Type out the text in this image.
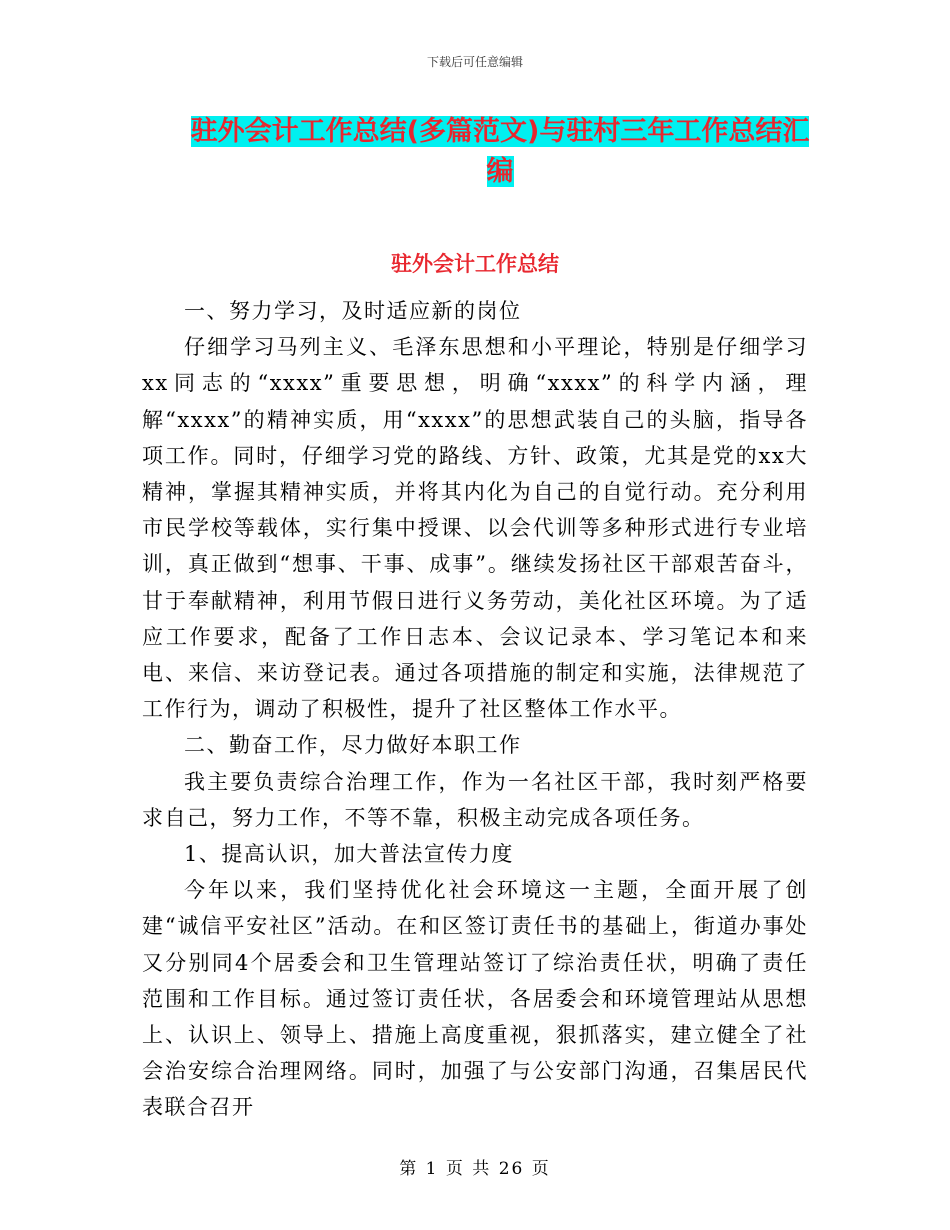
下载后可任意编辑
驻外会计工作总结(多篇范文)与驻村三年工作总结汇编
驻外会计工作总结

一、努力学习，及时适应新的岗位

仔细学习马列主义、毛泽东思想和小平理论，特别是仔细学习xx同志的“xxxx”重要思想，明确“xxxx”的科学内涵，理解“xxxx”的精神实质，用“xxxx”的思想武装自己的头脑，指导各项工作。同时，仔细学习党的路线、方针、政策，尤其是党的xx大精神，掌握其精神实质，并将其内化为自己的自觉行动。充分利用市民学校等载体，实行集中授课、以会代训等多种形式进行专业培训，真正做到“想事、干事、成事”。继续发扬社区干部艰苦奋斗，甘于奉献精神，利用节假日进行义务劳动，美化社区环境。为了适应工作要求，配备了工作日志本、会议记录本、学习笔记本和来电、来信、来访登记表。通过各项措施的制定和实施，法律规范了工作行为，调动了积极性，提升了社区整体工作水平。

二、勤奋工作，尽力做好本职工作

我主要负责综合治理工作，作为一名社区干部，我时刻严格要求自己，努力工作，不等不靠，积极主动完成各项任务。

1、提高认识，加大普法宣传力度

今年以来，我们坚持优化社会环境这一主题，全面开展了创建“诚信平安社区”活动。在和区签订责任书的基础上，街道办事处又分别同4个居委会和卫生管理站签订了综治责任状，明确了责任范围和工作目标。通过签订责任状，各居委会和环境管理站从思想上、认识上、领导上、措施上高度重视，狠抓落实，建立健全了社会治安综合治理网络。同时，加强了与公安部门沟通，召集居民代表联合召开

第 1 页 共 26 页
